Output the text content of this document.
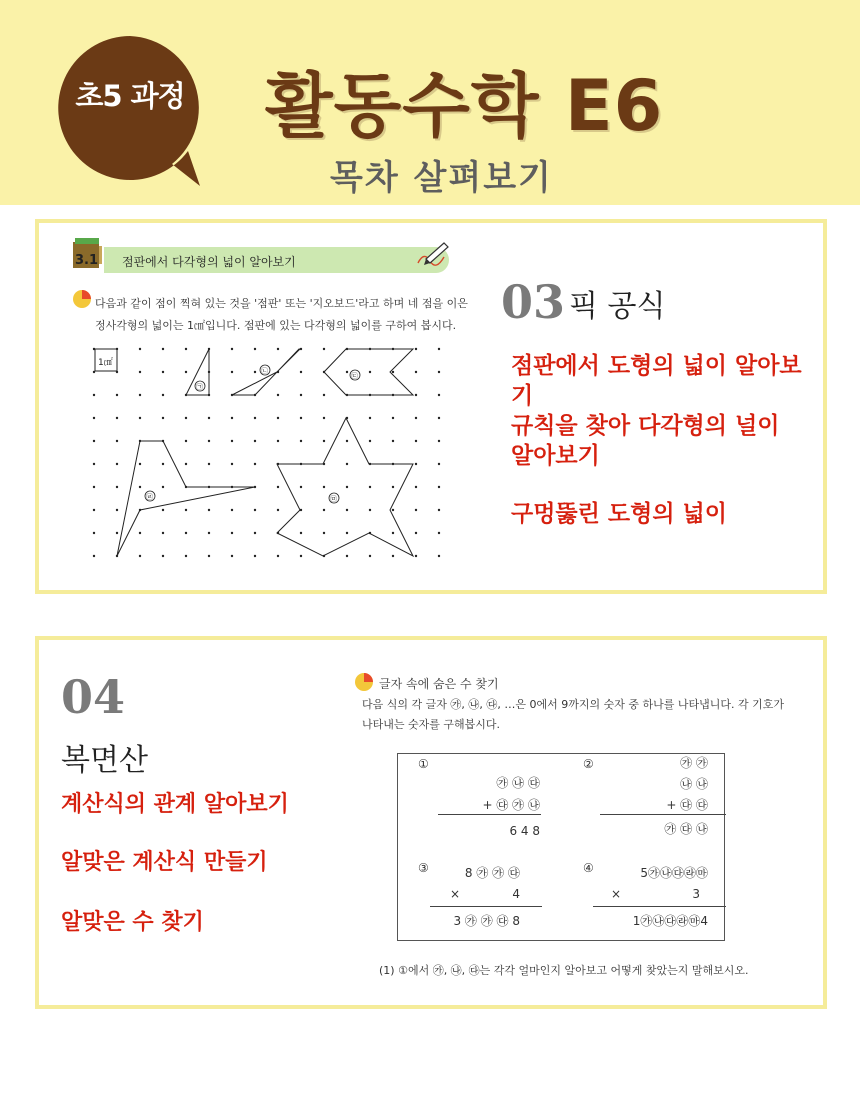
초5 과정	활동수학 E6
목차 살펴보기
3.1 점판에서 다각형의 넓이 알아보기
다음과 같이 점이 찍혀 있는 것을 '점판' 또는 '지오보드'라고 하며 네 점을 이은 정사각형의 넓이는 1㎠입니다. 점판에 있는 다각형의 넓이를 구하여 봅시다.
1㎠
㉠
㉡
㉢
㉣	㉤
03 픽 공식
점판에서 도형의 넓이 알아보기
규칙을 찾아 다각형의 널이
알아보기
구멍뚫린 도형의 넓이
04
복면산
계산식의 관계 알아보기
알맞은 계산식 만들기
알맞은 수 찾기
글자 속에 숨은 수 찾기
다음 식의 각 글자 ㉮, ㉯, ㉰, …은 0에서 9까지의 숫자 중 하나를 나타냅니다. 각 기호가 나타내는 숫자를 구해봅시다.
①
㉮ ㉯ ㉰
+ ㉰ ㉮ ㉯
6 4 8
②	㉮ ㉮
㉯ ㉯
+ ㉰ ㉰
㉮ ㉰ ㉯
③	8 ㉮ ㉮ ㉰
×	4
3 ㉮ ㉮ ㉰ 8
④	5㉮㉯㉰㉱㉲
×	3
1㉮㉯㉰㉱㉲4
(1) ①에서 ㉮, ㉯, ㉰는 각각 얼마인지 알아보고 어떻게 찾았는지 말해보시오.
